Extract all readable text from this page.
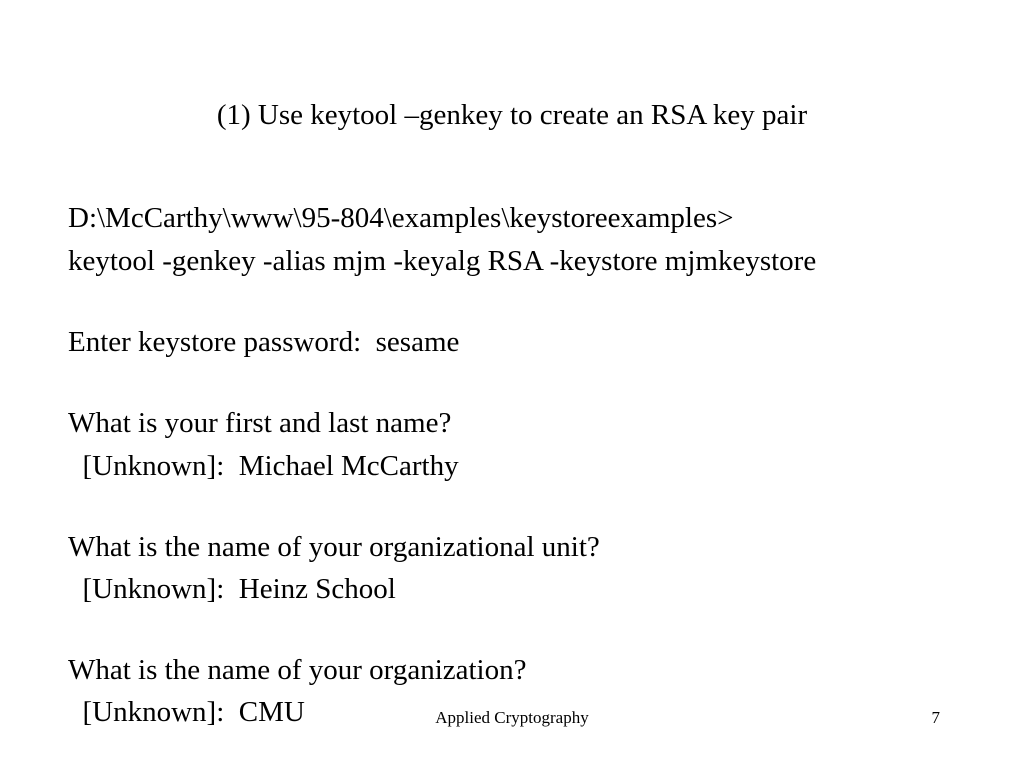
(1) Use keytool –genkey to create an RSA key pair
D:\McCarthy\www\95-804\examples\keystoreexamples>
keytool -genkey -alias mjm -keyalg RSA -keystore mjmkeystore
Enter keystore password:  sesame
What is your first and last name?
[Unknown]:  Michael McCarthy
What is the name of your organizational unit?
[Unknown]:  Heinz School
What is the name of your organization?
[Unknown]:  CMU	Applied Cryptography	7
